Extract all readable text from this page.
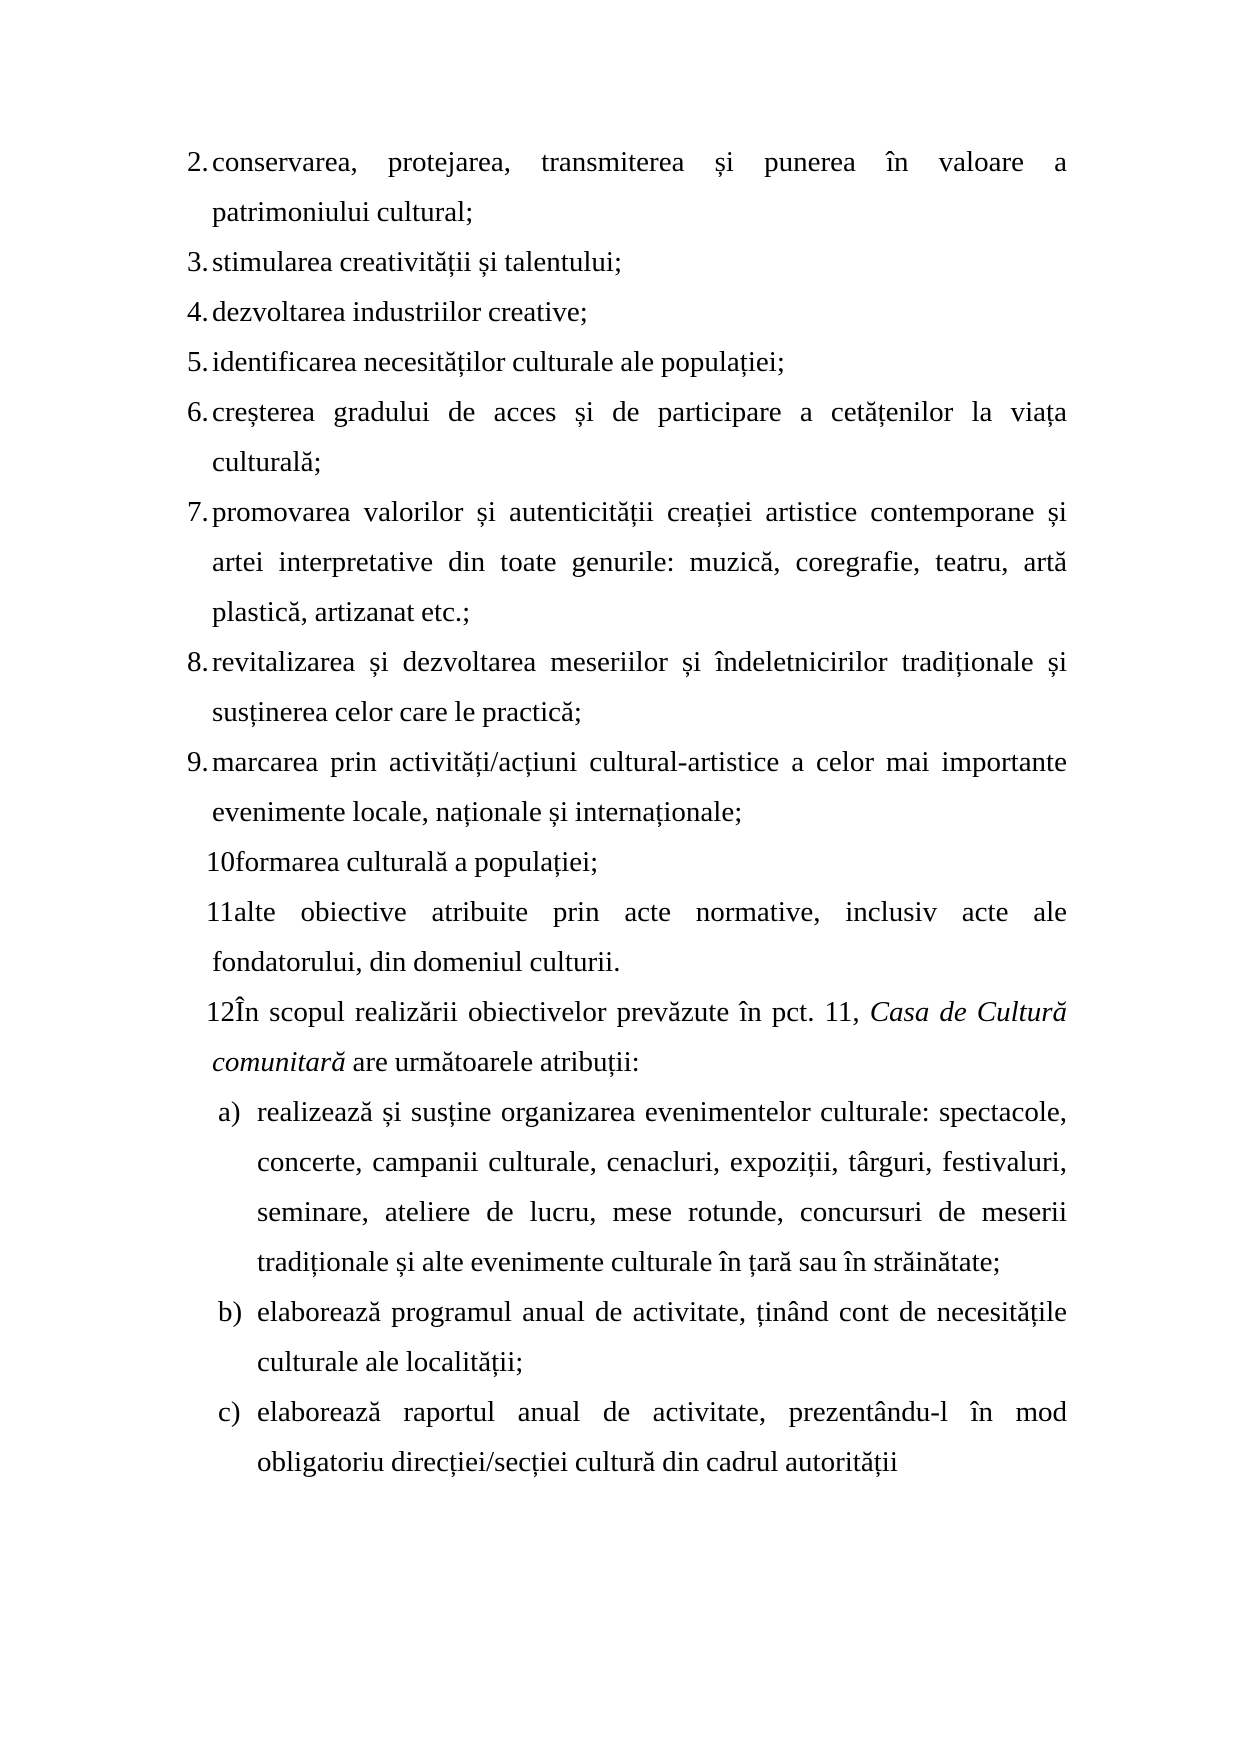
2. conservarea, protejarea, transmiterea și punerea în valoare a patrimoniului cultural;
3. stimularea creativității și talentului;
4. dezvoltarea industriilor creative;
5. identificarea necesităților culturale ale populației;
6. creșterea gradului de acces și de participare a cetățenilor la viața culturală;
7. promovarea valorilor și autenticității creației artistice contemporane și artei interpretative din toate genurile: muzică, coregrafie, teatru, artă plastică, artizanat etc.;
8. revitalizarea și dezvoltarea meseriilor și îndeletnicirilor tradiționale și susținerea celor care le practică;
9. marcarea prin activități/acțiuni cultural-artistice a celor mai importante evenimente locale, naționale și internaționale;
10formarea culturală a populației;
11alte obiective atribuite prin acte normative, inclusiv acte ale fondatorului, din domeniul culturii.
12În scopul realizării obiectivelor prevăzute în pct. 11, Casa de Cultură comunitară are următoarele atribuții:
a) realizează și susține organizarea evenimentelor culturale: spectacole, concerte, campanii culturale, cenacluri, expoziții, târguri, festivaluri, seminare, ateliere de lucru, mese rotunde, concursuri de meserii tradiționale și alte evenimente culturale în țară sau în străinătate;
b) elaborează programul anual de activitate, ținând cont de necesitățile culturale ale localității;
c) elaborează raportul anual de activitate, prezentându-l în mod obligatoriu direcției/secției cultură din cadrul autorității
